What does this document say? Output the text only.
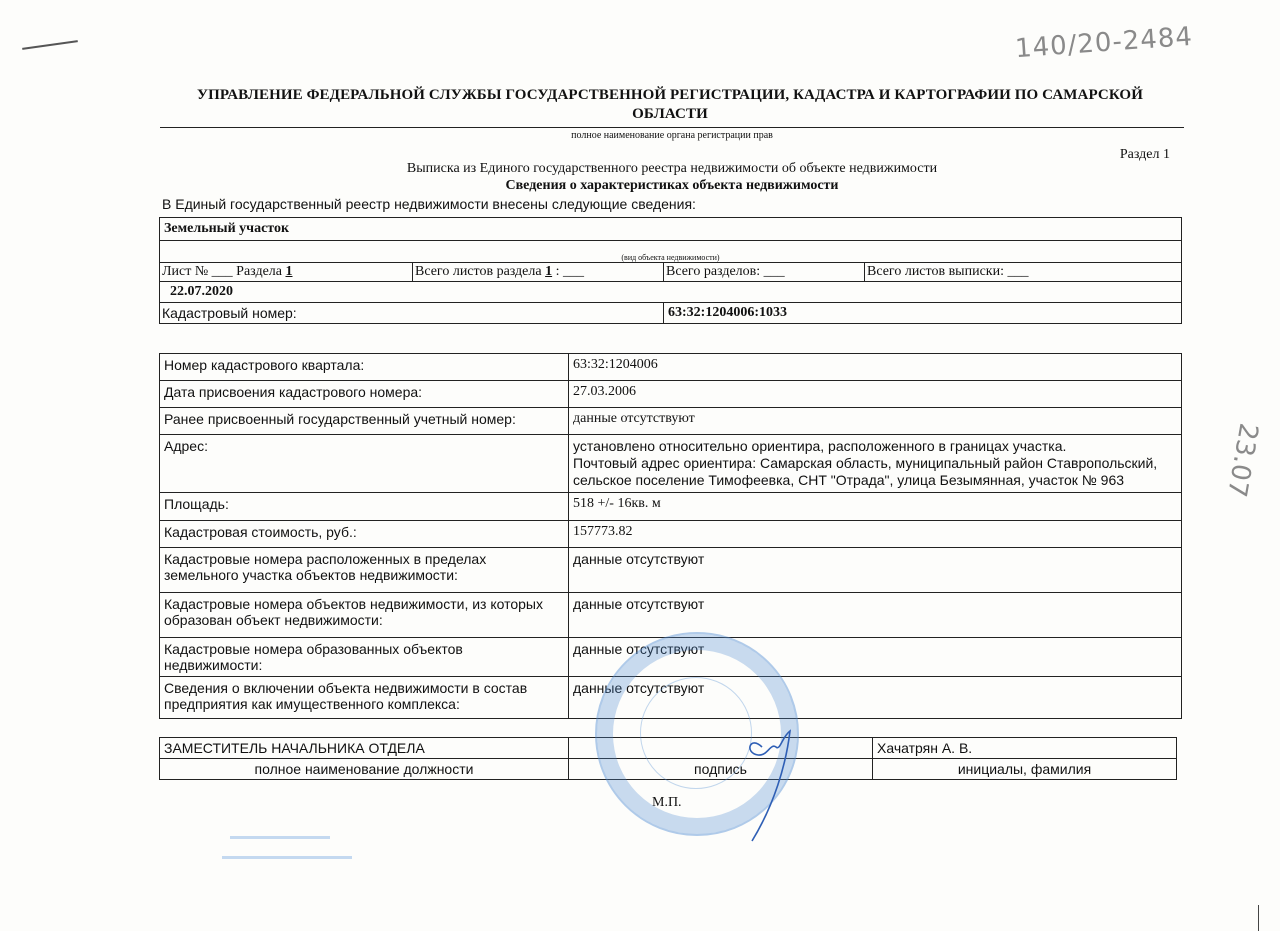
140/20-2484
23.07
УПРАВЛЕНИЕ ФЕДЕРАЛЬНОЙ СЛУЖБЫ ГОСУДАРСТВЕННОЙ РЕГИСТРАЦИИ, КАДАСТРА И КАРТОГРАФИИ ПО САМАРСКОЙ ОБЛАСТИ
полное наименование органа регистрации прав
Раздел 1
Выписка из Единого государственного реестра недвижимости об объекте недвижимости
Сведения о характеристиках объекта недвижимости
В Единый государственный реестр недвижимости внесены следующие сведения:
Земельный участок			
(вид объекта недвижимости)			
Лист № ___ Раздела 1	Всего листов раздела 1 : ___	Всего разделов: ___	Всего листов выписки: ___
22.07.2020			
Кадастровый номер:		63:32:1204006:1033	
Номер кадастрового квартала:	63:32:1204006
Дата присвоения кадастрового номера:	27.03.2006
Ранее присвоенный государственный учетный номер:	данные отсутствуют
Адрес:	установлено относительно ориентира, расположенного в границах участка.
Почтовый адрес ориентира: Самарская область, муниципальный район Ставропольский,
сельское поселение Тимофеевка, СНТ "Отрада", улица Безымянная, участок № 963

Площадь:	518 +/- 16кв. м
Кадастровая стоимость, руб.:	157773.82
Кадастровые номера расположенных в пределах земельного участка объектов недвижимости:	данные отсутствуют
Кадастровые номера объектов недвижимости, из которых образован объект недвижимости:	данные отсутствуют
Кадастровые номера образованных объектов недвижимости:	данные отсутствуют
Сведения о включении объекта недвижимости в состав предприятия как имущественного комплекса:	данные отсутствуют
ЗАМЕСТИТЕЛЬ НАЧАЛЬНИКА ОТДЕЛА		Хачатрян А. В.
полное наименование должности	подпись	инициалы, фамилия
М.П.
